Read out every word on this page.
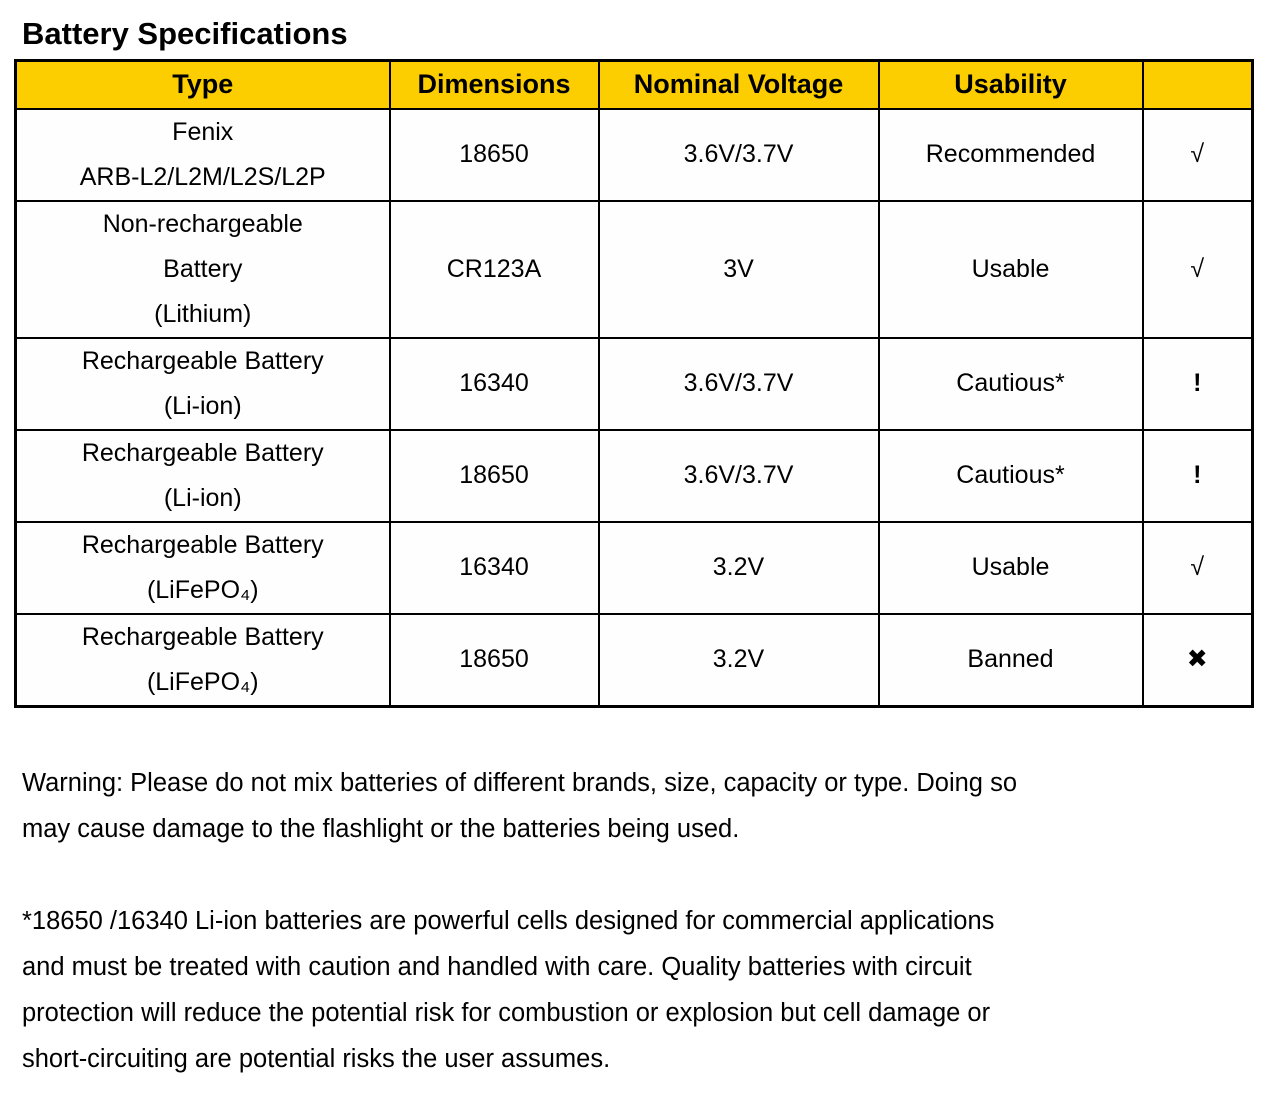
Battery Specifications
Type	Dimensions	Nominal Voltage	Usability	

Fenix
ARB-L2/L2M/L2S/L2P	18650	3.6V/3.7V	Recommended	√

Non-rechargeable
Battery
(Lithium)	CR123A	3V	Usable	√

Rechargeable Battery
(Li-ion)	16340	3.6V/3.7V	Cautious*	!

Rechargeable Battery
(Li-ion)	18650	3.6V/3.7V	Cautious*	!

Rechargeable Battery
(LiFePO₄)	16340	3.2V	Usable	√

Rechargeable Battery
(LiFePO₄)	18650	3.2V	Banned	✖

Warning: Please do not mix batteries of different brands, size, capacity or type. Doing so
may cause damage to the flashlight or the batteries being used.

*18650 /16340 Li-ion batteries are powerful cells designed for commercial applications
and must be treated with caution and handled with care. Quality batteries with circuit
protection will reduce the potential risk for combustion or explosion but cell damage or
short-circuiting are potential risks the user assumes.
